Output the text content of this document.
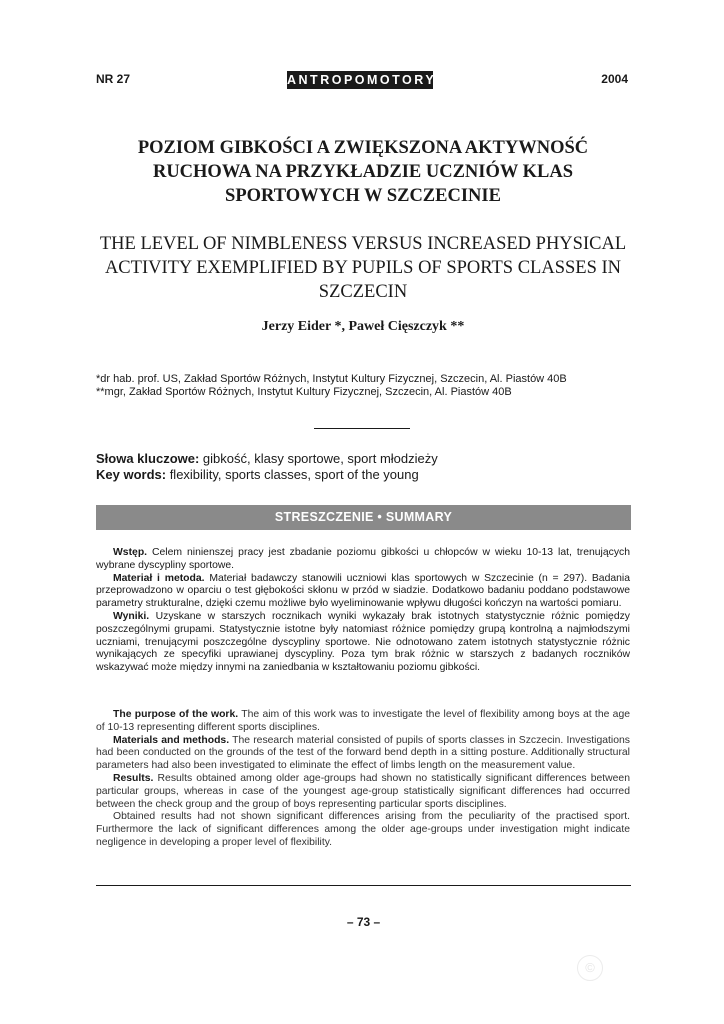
NR 27	ANTROPOMOTORYKA	2004
POZIOM GIBKOŚCI A ZWIĘKSZONA AKTYWNOŚĆ RUCHOWA NA PRZYKŁADZIE UCZNIÓW KLAS SPORTOWYCH W SZCZECINIE
THE LEVEL OF NIMBLENESS VERSUS INCREASED PHYSICAL ACTIVITY EXEMPLIFIED BY PUPILS OF SPORTS CLASSES IN SZCZECIN
Jerzy Eider *, Paweł Cięszczyk **
*dr hab. prof. US, Zakład Sportów Różnych, Instytut Kultury Fizycznej, Szczecin, Al. Piastów 40B
**mgr, Zakład Sportów Różnych, Instytut Kultury Fizycznej, Szczecin, Al. Piastów 40B
Słowa kluczowe: gibkość, klasy sportowe, sport młodzieży
Key words: flexibility, sports classes, sport of the young
STRESZCZENIE • SUMMARY

Wstęp. Celem ninienszej pracy jest zbadanie poziomu gibkości u chłopców w wieku 10-13 lat, trenujących wybrane dyscypliny sportowe.

Materiał i metoda. Materiał badawczy stanowili uczniowi klas sportowych w Szczecinie (n = 297). Badania przeprowadzono w oparciu o test głębokości skłonu w przód w siadzie. Dodatkowo badaniu poddano podstawowe parametry strukturalne, dzięki czemu możliwe było wyeliminowanie wpływu długości kończyn na wartości pomiaru.

Wyniki. Uzyskane w starszych rocznikach wyniki wykazały brak istotnych statystycznie różnic pomiędzy poszczególnymi grupami. Statystycznie istotne były natomiast różnice pomiędzy grupą kontrolną a najmłodszymi uczniami, trenującymi poszczególne dyscypliny sportowe. Nie odnotowano zatem istotnych statystycznie różnic wynikających ze specyfiki uprawianej dyscypliny. Poza tym brak różnic w starszych z badanych roczników wskazywać może między innymi na zaniedbania w kształtowaniu poziomu gibkości.

The purpose of the work. The aim of this work was to investigate the level of flexibility among boys at the age of 10-13 representing different sports disciplines.

Materials and methods. The research material consisted of pupils of sports classes in Szczecin. Investigations had been conducted on the grounds of the test of the forward bend depth in a sitting posture. Additionally structural parameters had also been investigated to eliminate the effect of limbs length on the measurement value.

Results. Results obtained among older age-groups had shown no statistically significant differences between particular groups, whereas in case of the youngest age-group statistically significant differences had occurred between the check group and the group of boys representing particular sports disciplines.

Obtained results had not shown significant differences arising from the peculiarity of the practised sport. Furthermore the lack of significant differences among the older age-groups under investigation might indicate negligence in developing a proper level of flexibility.

– 73 –
©
